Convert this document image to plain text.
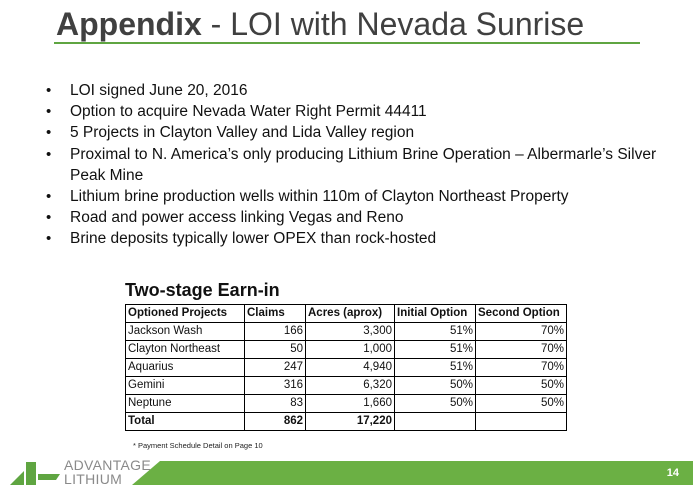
Appendix - LOI with Nevada Sunrise
• LOI signed June 20, 2016
• Option to acquire Nevada Water Right Permit 44411
• 5 Projects in Clayton Valley and Lida Valley region
• Proximal to N. America’s only producing Lithium Brine Operation – Albermarle’s Silver Peak Mine
• Lithium brine production wells within 110m of Clayton Northeast Property
• Road and power access linking Vegas and Reno
• Brine deposits typically lower OPEX than rock-hosted
Two-stage Earn-in
Optioned Projects	Claims	Acres (aprox)	Initial Option	Second Option
Jackson Wash	166	3,300	51%	70%
Clayton Northeast	50	1,000	51%	70%
Aquarius	247	4,940	51%	70%
Gemini	316	6,320	50%	50%
Neptune	83	1,660	50%	50%
Total	862	17,220		

* Payment Schedule Detail on Page 10

ADVANTAGE
LITHIUM	14
